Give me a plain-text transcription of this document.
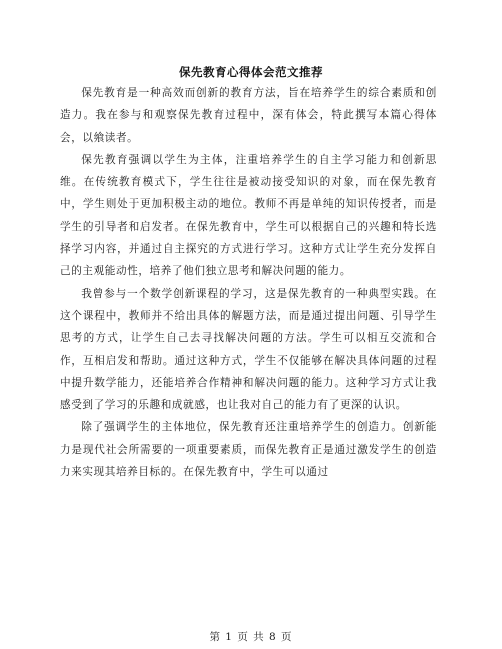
保先教育心得体会范文推荐

保先教育是一种高效而创新的教育方法，旨在培养学生的综合素质和创造力。我在参与和观察保先教育过程中，深有体会，特此撰写本篇心得体会，以飨读者。

保先教育强调以学生为主体，注重培养学生的自主学习能力和创新思维。在传统教育模式下，学生往往是被动接受知识的对象，而在保先教育中，学生则处于更加积极主动的地位。教师不再是单纯的知识传授者，而是学生的引导者和启发者。在保先教育中，学生可以根据自己的兴趣和特长选择学习内容，并通过自主探究的方式进行学习。这种方式让学生充分发挥自己的主观能动性，培养了他们独立思考和解决问题的能力。

我曾参与一个数学创新课程的学习，这是保先教育的一种典型实践。在这个课程中，教师并不给出具体的解题方法，而是通过提出问题、引导学生思考的方式，让学生自己去寻找解决问题的方法。学生可以相互交流和合作，互相启发和帮助。通过这种方式，学生不仅能够在解决具体问题的过程中提升数学能力，还能培养合作精神和解决问题的能力。这种学习方式让我感受到了学习的乐趣和成就感，也让我对自己的能力有了更深的认识。

除了强调学生的主体地位，保先教育还注重培养学生的创造力。创新能力是现代社会所需要的一项重要素质，而保先教育正是通过激发学生的创造力来实现其培养目标的。在保先教育中，学生可以通过

第 1 页 共 8 页
